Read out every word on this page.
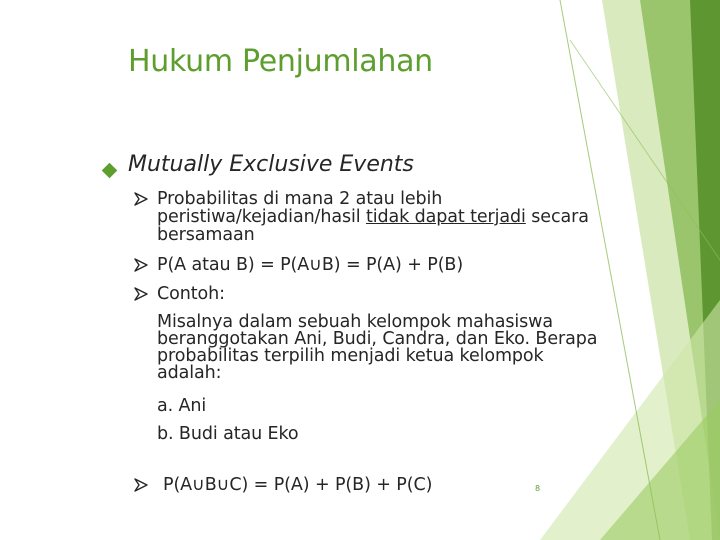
Hukum Penjumlahan
Mutually Exclusive Events
Probabilitas di mana 2 atau lebih
peristiwa/kejadian/hasil tidak dapat terjadi secara
bersamaan
P(A atau B) = P(A∪B) = P(A) + P(B)
Contoh:
Misalnya dalam sebuah kelompok mahasiswa
beranggotakan Ani, Budi, Candra, dan Eko. Berapa
probabilitas terpilih menjadi ketua kelompok
adalah:
a. Ani
b. Budi atau Eko
P(A∪B∪C) = P(A) + P(B) + P(C)	8
